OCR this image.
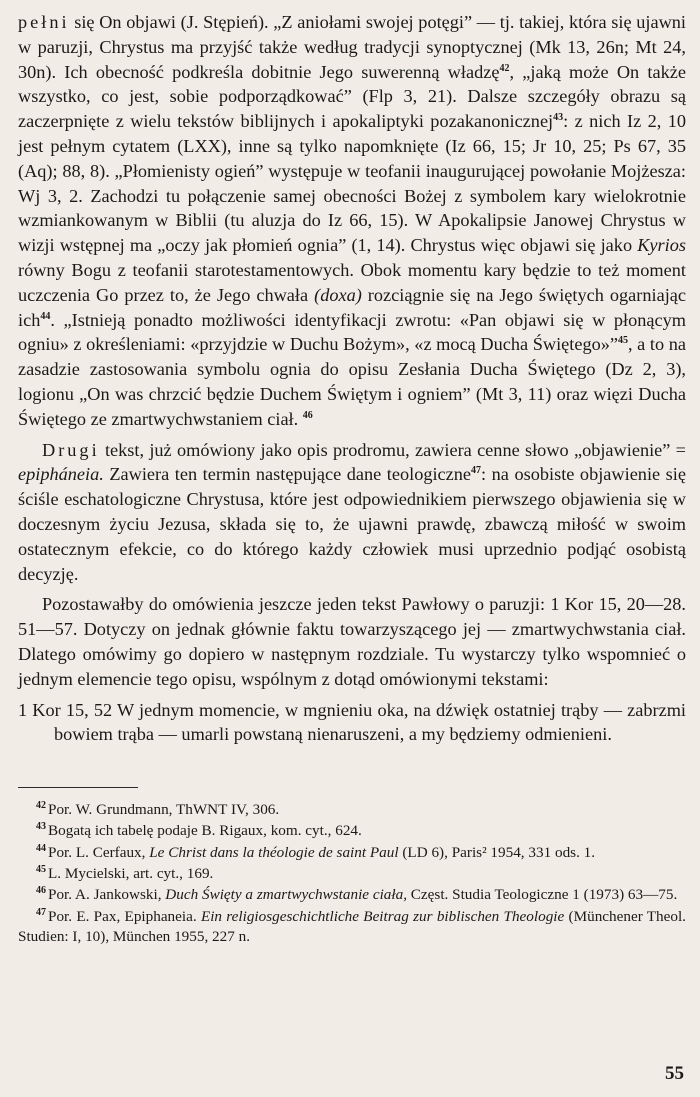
pełni się On objawi (J. Stępień). „Z aniołami swojej potęgi” — tj. takiej, która się ujawni w paruzji, Chrystus ma przyjść także według tradycji synoptycznej (Mk 13, 26n; Mt 24, 30n). Ich obecność podkreśla dobitnie Jego suwerenną władzę$^{42}$, „jaką może On także wszystko, co jest, sobie podporządkować” (Flp 3, 21). Dalsze szczegóły obrazu są zaczerpnięte z wielu tekstów biblijnych i apokaliptyki pozakanonicznej$^{43}$: z nich Iz 2, 10 jest pełnym cytatem (LXX), inne są tylko napomknięte (Iz 66, 15; Jr 10, 25; Ps 67, 35 (Aq); 88, 8). „Płomienisty ogień” występuje w teofanii inaugurującej powołanie Mojżesza: Wj 3, 2. Zachodzi tu połączenie samej obecności Bożej z symbolem kary wielokrotnie wzmiankowanym w Biblii (tu aluzja do Iz 66, 15). W Apokalipsie Janowej Chrystus w wizji wstępnej ma „oczy jak płomień ognia” (1, 14). Chrystus więc objawi się jako Kyrios równy Bogu z teofanii starotestamentowych. Obok momentu kary będzie to też moment uczczenia Go przez to, że Jego chwała (doxa) rozciągnie się na Jego świętych ogarniając ich$^{44}$. „Istnieją ponadto możliwości identyfikacji zwrotu: «Pan objawi się w płonącym ogniu» z określeniami: «przyjdzie w Duchu Bożym», «z mocą Ducha Świętego»”$^{45}$, a to na zasadzie zastosowania symbolu ognia do opisu Zesłania Ducha Świętego (Dz 2, 3), logionu „On was chrzcić będzie Duchem Świętym i ogniem” (Mt 3, 11) oraz więzi Ducha Świętego ze zmartwychwstaniem ciał. $^{46}$

Drugi tekst, już omówiony jako opis prodromu, zawiera cenne słowo „objawienie” = epipháneia. Zawiera ten termin następujące dane teologiczne$^{47}$: na osobiste objawienie się ściśle eschatologiczne Chrystusa, które jest odpowiednikiem pierwszego objawienia się w doczesnym życiu Jezusa, składa się to, że ujawni prawdę, zbawczą miłość w swoim ostatecznym efekcie, co do którego każdy człowiek musi uprzednio podjąć osobistą decyzję.

Pozostawałby do omówienia jeszcze jeden tekst Pawłowy o paruzji: 1 Kor 15, 20—28. 51—57. Dotyczy on jednak głównie faktu towarzyszącego jej — zmartwychwstania ciał. Dlatego omówimy go dopiero w następnym rozdziale. Tu wystarczy tylko wspomnieć o jednym elemencie tego opisu, wspólnym z dotąd omówionymi tekstami:

1 Kor 15, 52 W jednym momencie, w mgnieniu oka, na dźwięk ostatniej trąby — zabrzmi bowiem trąba — umarli powstaną nienaruszeni, a my będziemy odmienieni.

$^{42}$ Por. W. Grundmann, ThWNT IV, 306.

$^{43}$ Bogatą ich tabelę podaje B. Rigaux, kom. cyt., 624.

$^{44}$ Por. L. Cerfaux, Le Christ dans la théologie de saint Paul (LD 6), Paris² 1954, 331 ods. 1.

$^{45}$ L. Mycielski, art. cyt., 169.

$^{46}$ Por. A. Jankowski, Duch Święty a zmartwychwstanie ciała, Częst. Studia Teologiczne 1 (1973) 63—75.

$^{47}$ Por. E. Pax, Epiphaneia. Ein religiosgeschichtliche Beitrag zur biblischen Theologie (Münchener Theol. Studien: I, 10), München 1955, 227 n.

55
